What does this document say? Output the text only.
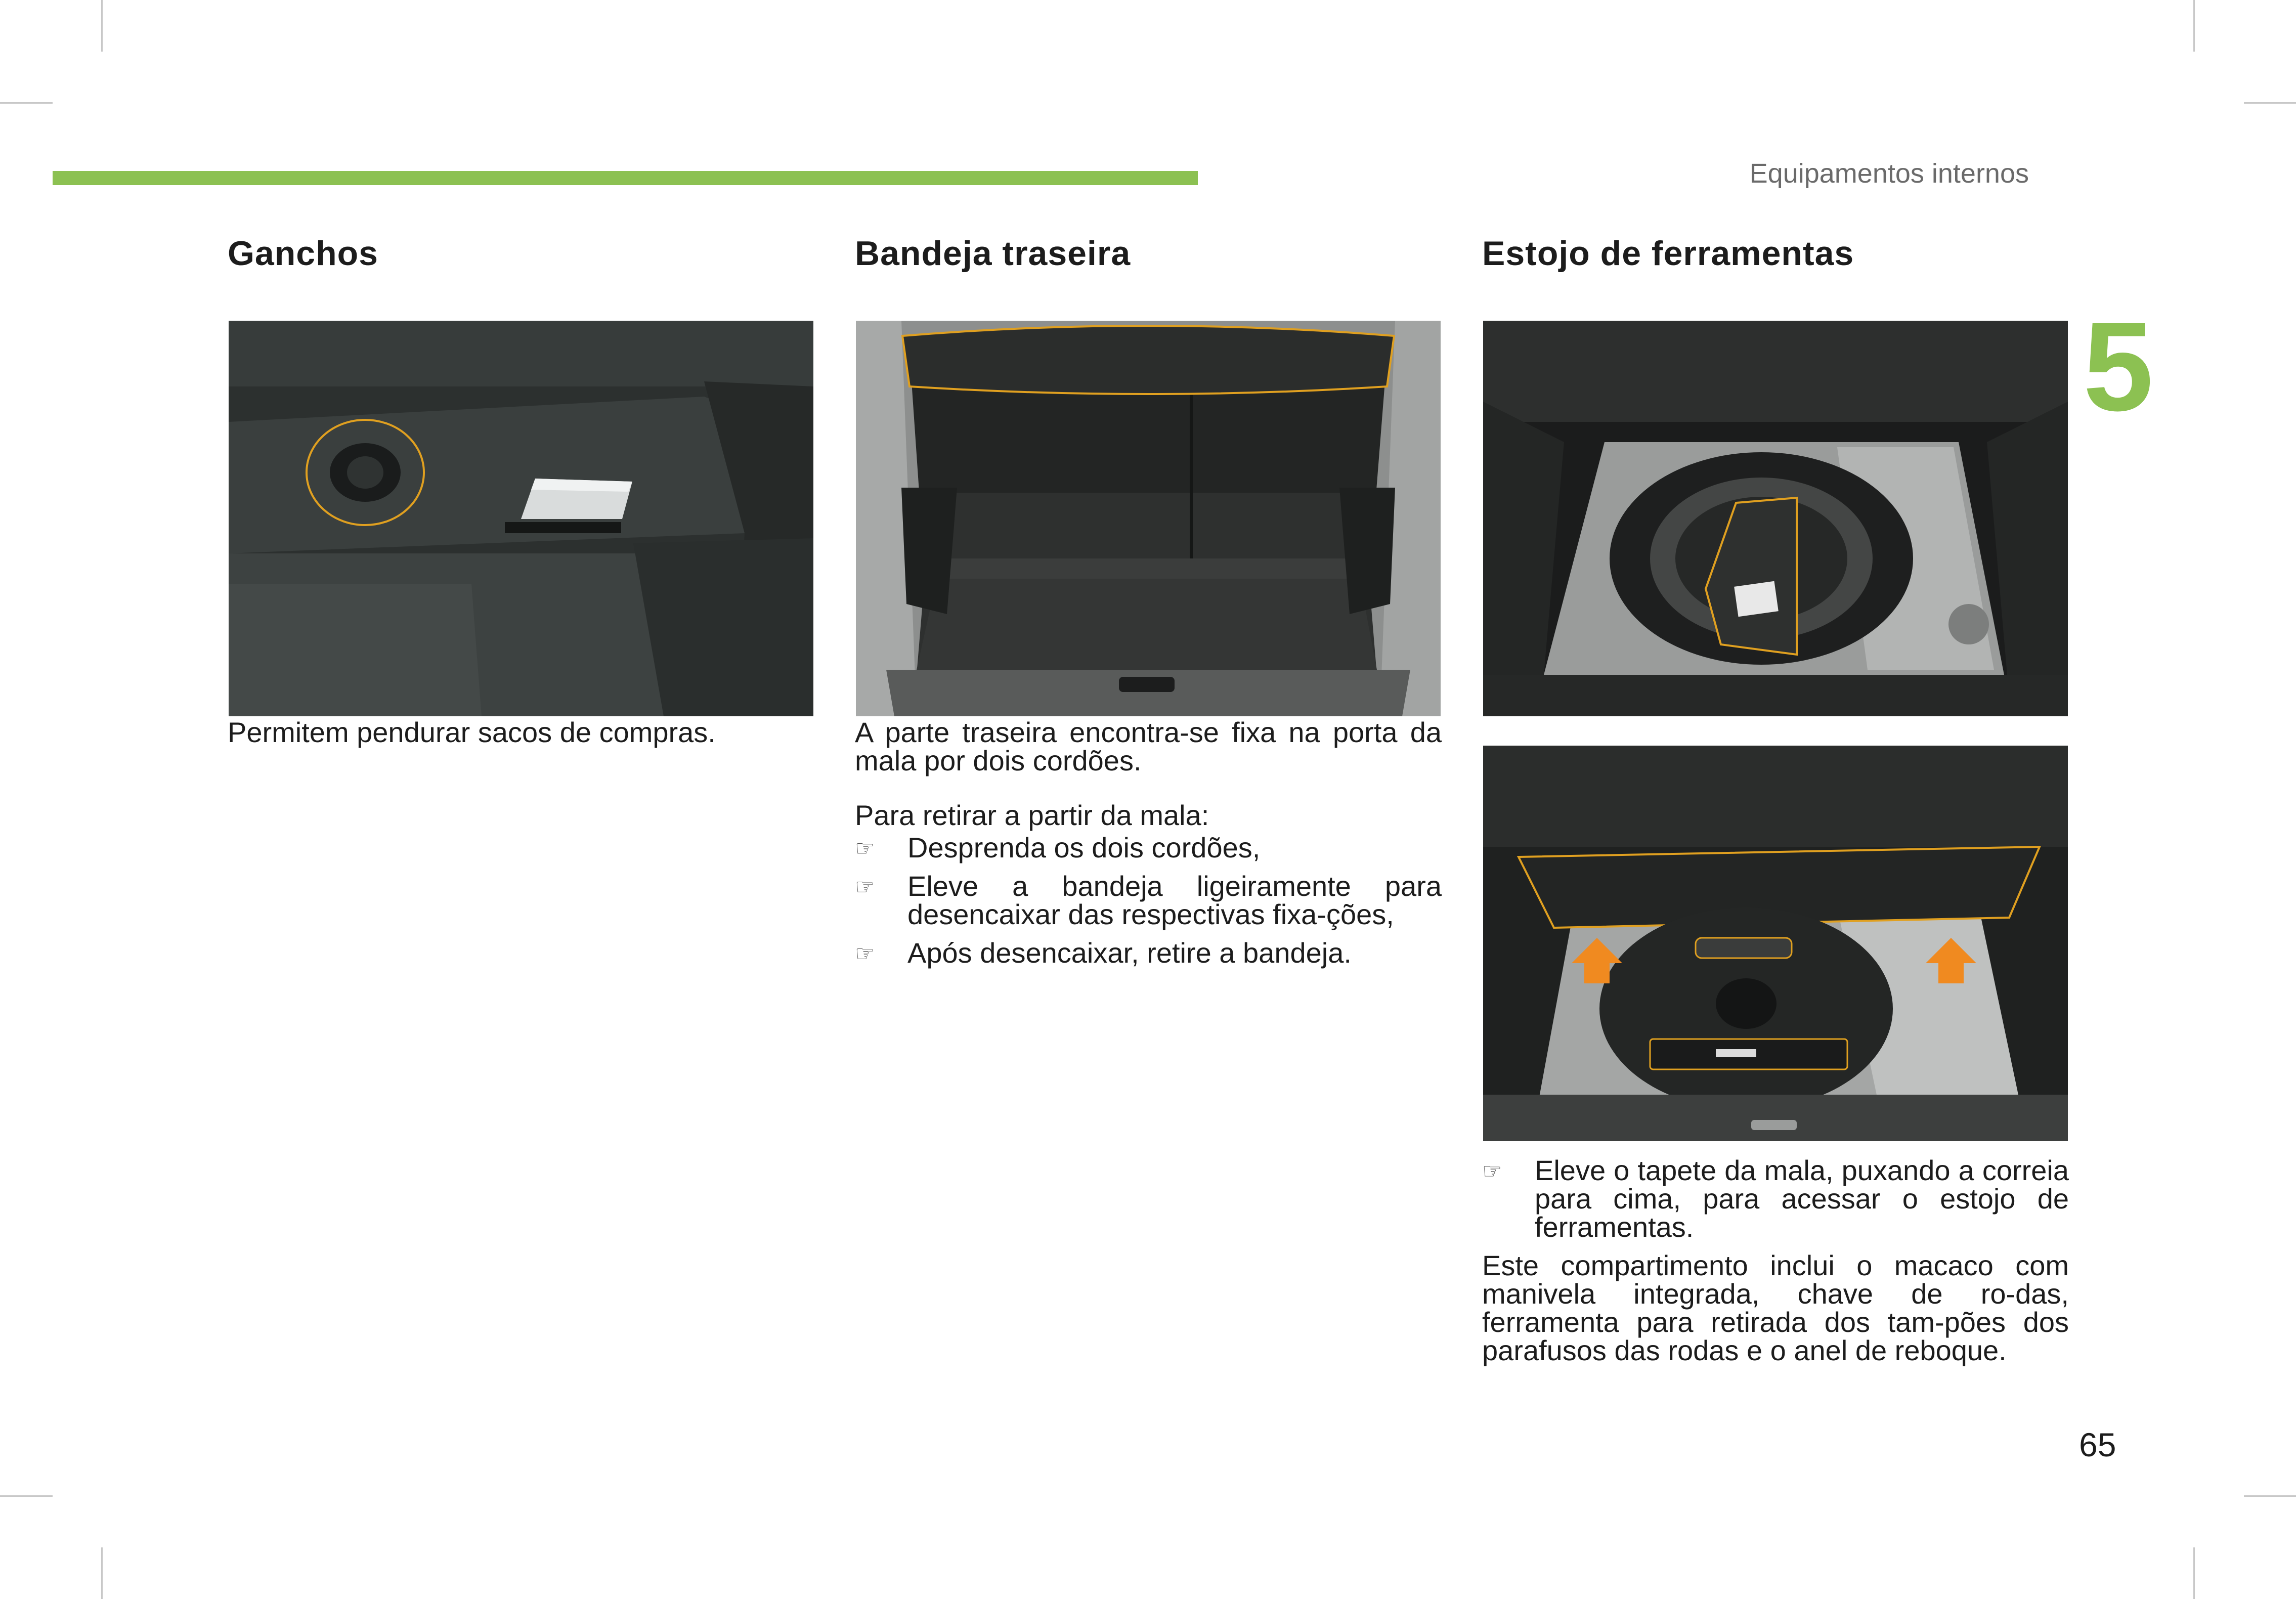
Equipamentos internos
5
Ganchos

Permitem pendurar sacos de compras.

Bandeja traseira

A parte traseira encontra-se fixa na porta da mala por dois cordões.

Para retirar a partir da mala:
☞ Desprenda os dois cordões,
☞ Eleve a bandeja ligeiramente para desencaixar das respectivas fixa-ções,
☞ Após desencaixar, retire a bandeja.
Estojo de ferramentas
☞ Eleve o tapete da mala, puxando a correia para cima, para acessar o estojo de ferramentas.

Este compartimento inclui o macaco com manivela integrada, chave de ro-das, ferramenta para retirada dos tam-pões dos parafusos das rodas e o anel de reboque.

65
